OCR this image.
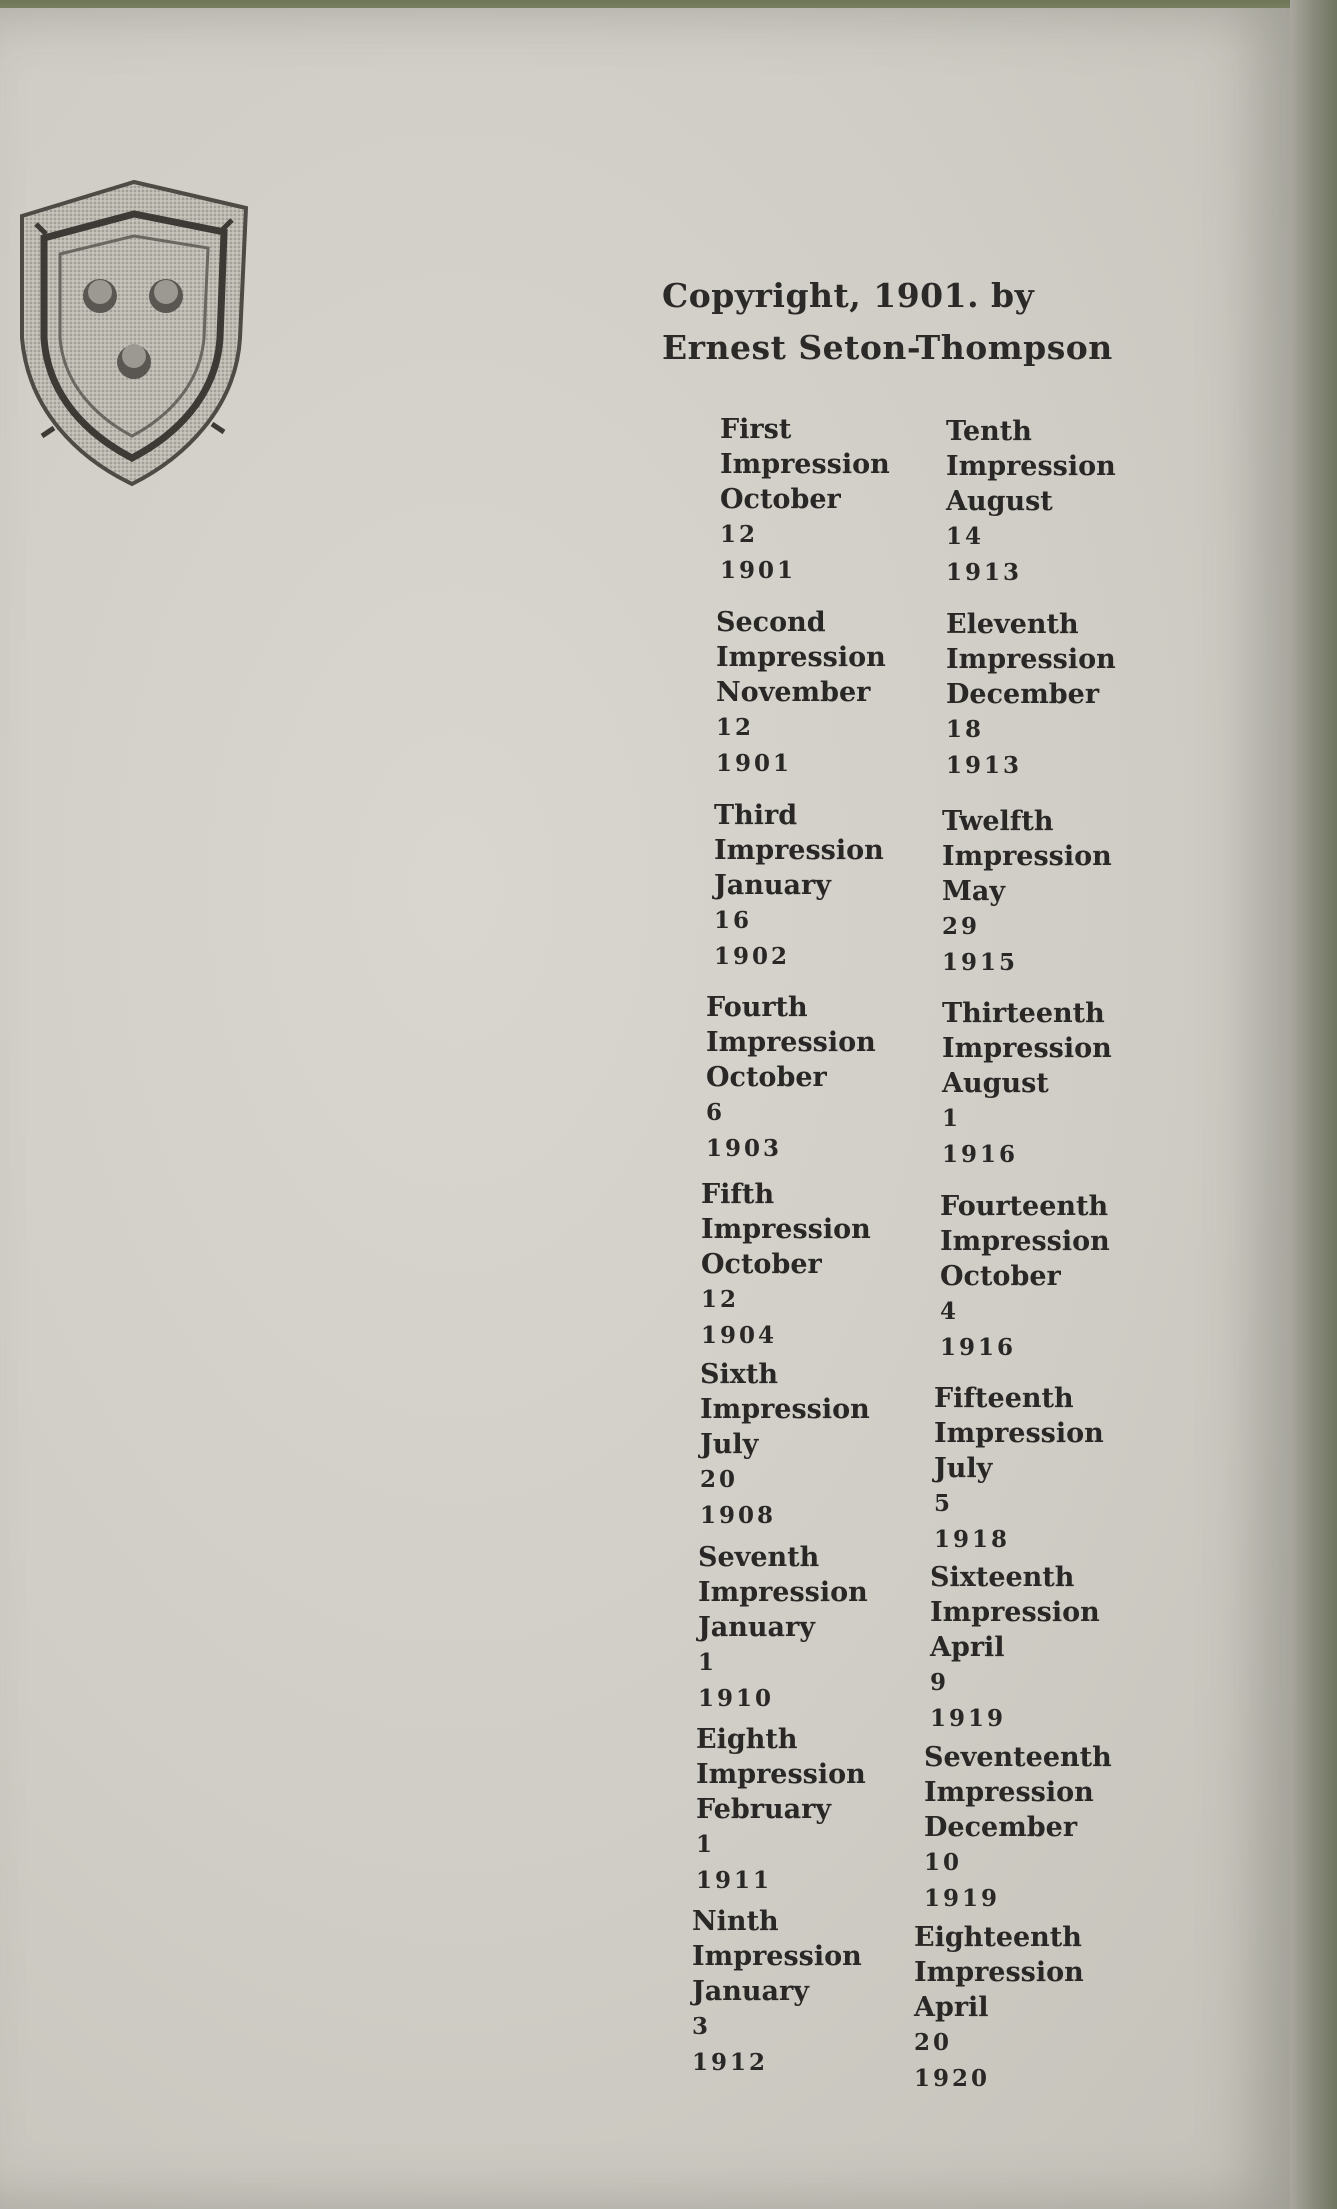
Copyright, 1901. by
Ernest Seton-Thompson
First
Impression
October
12
1901
Second
Impression
November
12
1901
Third
Impression
January
16
1902
Fourth
Impression
October
6
1903
Fifth
Impression
October
12
1904
Sixth
Impression
July
20
1908
Seventh
Impression
January
1
1910
Eighth
Impression
February
1
1911
Ninth
Impression
January
3
1912
Tenth
Impression
August
14
1913
Eleventh
Impression
December
18
1913
Twelfth
Impression
May
29
1915
Thirteenth
Impression
August
1
1916
Fourteenth
Impression
October
4
1916
Fifteenth
Impression
July
5
1918
Sixteenth
Impression
April
9
1919
Seventeenth
Impression
December
10
1919
Eighteenth
Impression
April
20
1920
